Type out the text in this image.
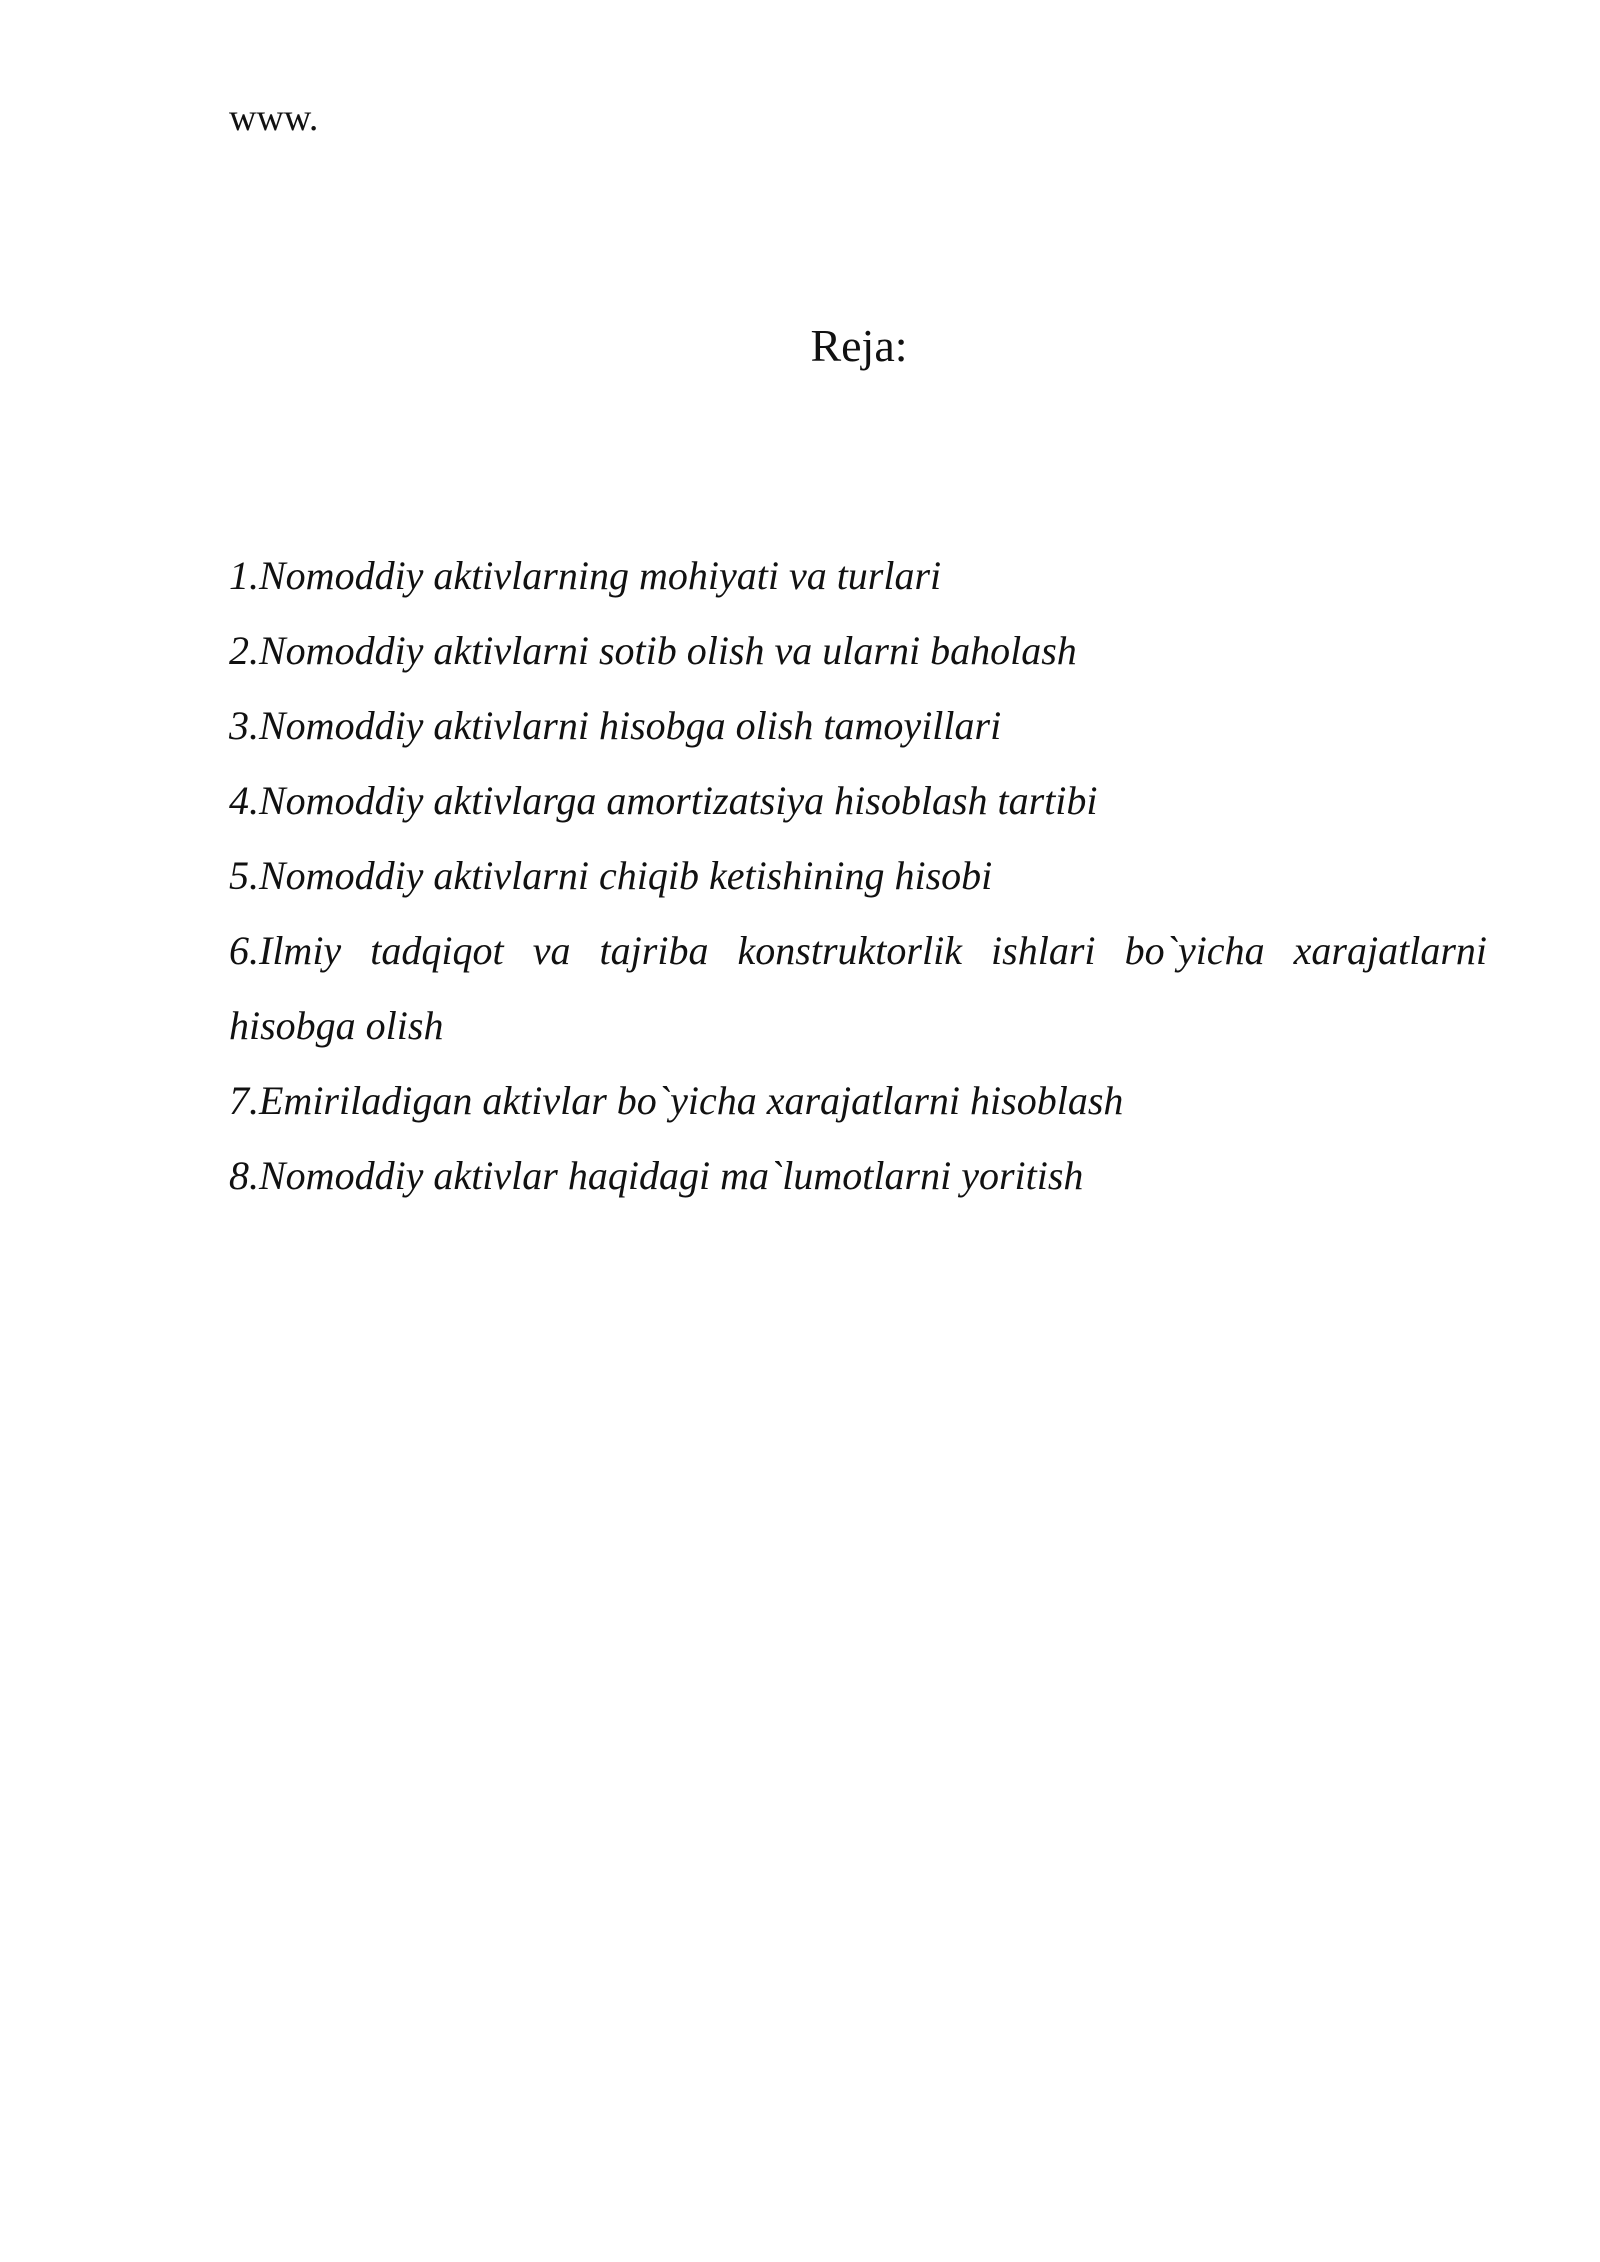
www.
Reja:
1.Nomoddiy aktivlarning mohiyati va turlari
2.Nomoddiy aktivlarni sotib olish va ularni baholash
3.Nomoddiy aktivlarni hisobga olish tamoyillari
4.Nomoddiy aktivlarga amortizatsiya hisoblash tartibi
5.Nomoddiy aktivlarni chiqib ketishining hisobi
6.Ilmiy tadqiqot va tajriba konstruktorlik ishlari bo`yicha xarajatlarni hisobga olish
7.Emiriladigan aktivlar bo`yicha xarajatlarni hisoblash
8.Nomoddiy aktivlar haqidagi ma`lumotlarni yoritish
